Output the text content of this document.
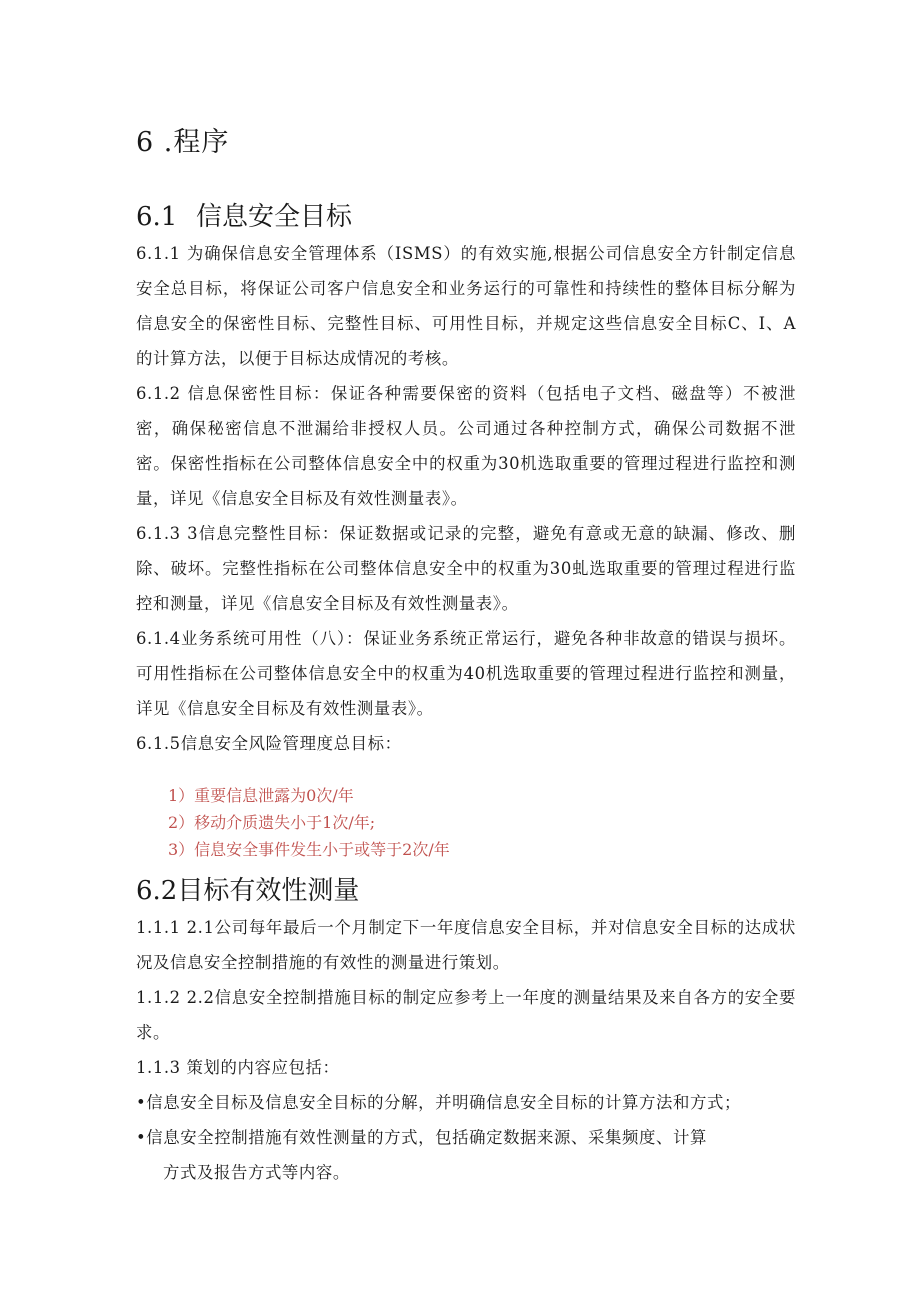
6 .程序
6.1 信息安全目标

6.1.1 为确保信息安全管理体系（ISMS）的有效实施,根据公司信息安全方针制定信息安全总目标，将保证公司客户信息安全和业务运行的可靠性和持续性的整体目标分解为信息安全的保密性目标、完整性目标、可用性目标，并规定这些信息安全目标C、I、A的计算方法，以便于目标达成情况的考核。

6.1.2 信息保密性目标：保证各种需要保密的资料（包括电子文档、磁盘等）不被泄密，确保秘密信息不泄漏给非授权人员。公司通过各种控制方式，确保公司数据不泄密。保密性指标在公司整体信息安全中的权重为30机选取重要的管理过程进行监控和测量，详见《信息安全目标及有效性测量表》。

6.1.3 3信息完整性目标：保证数据或记录的完整，避免有意或无意的缺漏、修改、删除、破坏。完整性指标在公司整体信息安全中的权重为30虬选取重要的管理过程进行监控和测量，详见《信息安全目标及有效性测量表》。

6.1.4业务系统可用性（八）：保证业务系统正常运行，避免各种非故意的错误与损坏。可用性指标在公司整体信息安全中的权重为40机选取重要的管理过程进行监控和测量，详见《信息安全目标及有效性测量表》。

6.1.5信息安全风险管理度总目标：

1）重要信息泄露为0次/年
2）移动介质遗失小于1次/年;
3）信息安全事件发生小于或等于2次/年
6.2目标有效性测量

1.1.1 2.1公司每年最后一个月制定下一年度信息安全目标，并对信息安全目标的达成状况及信息安全控制措施的有效性的测量进行策划。

1.1.2 2.2信息安全控制措施目标的制定应参考上一年度的测量结果及来自各方的安全要求。

1.1.3 策划的内容应包括：

•信息安全目标及信息安全目标的分解，并明确信息安全目标的计算方法和方式；

•信息安全控制措施有效性测量的方式，包括确定数据来源、采集频度、计算

方式及报告方式等内容。
